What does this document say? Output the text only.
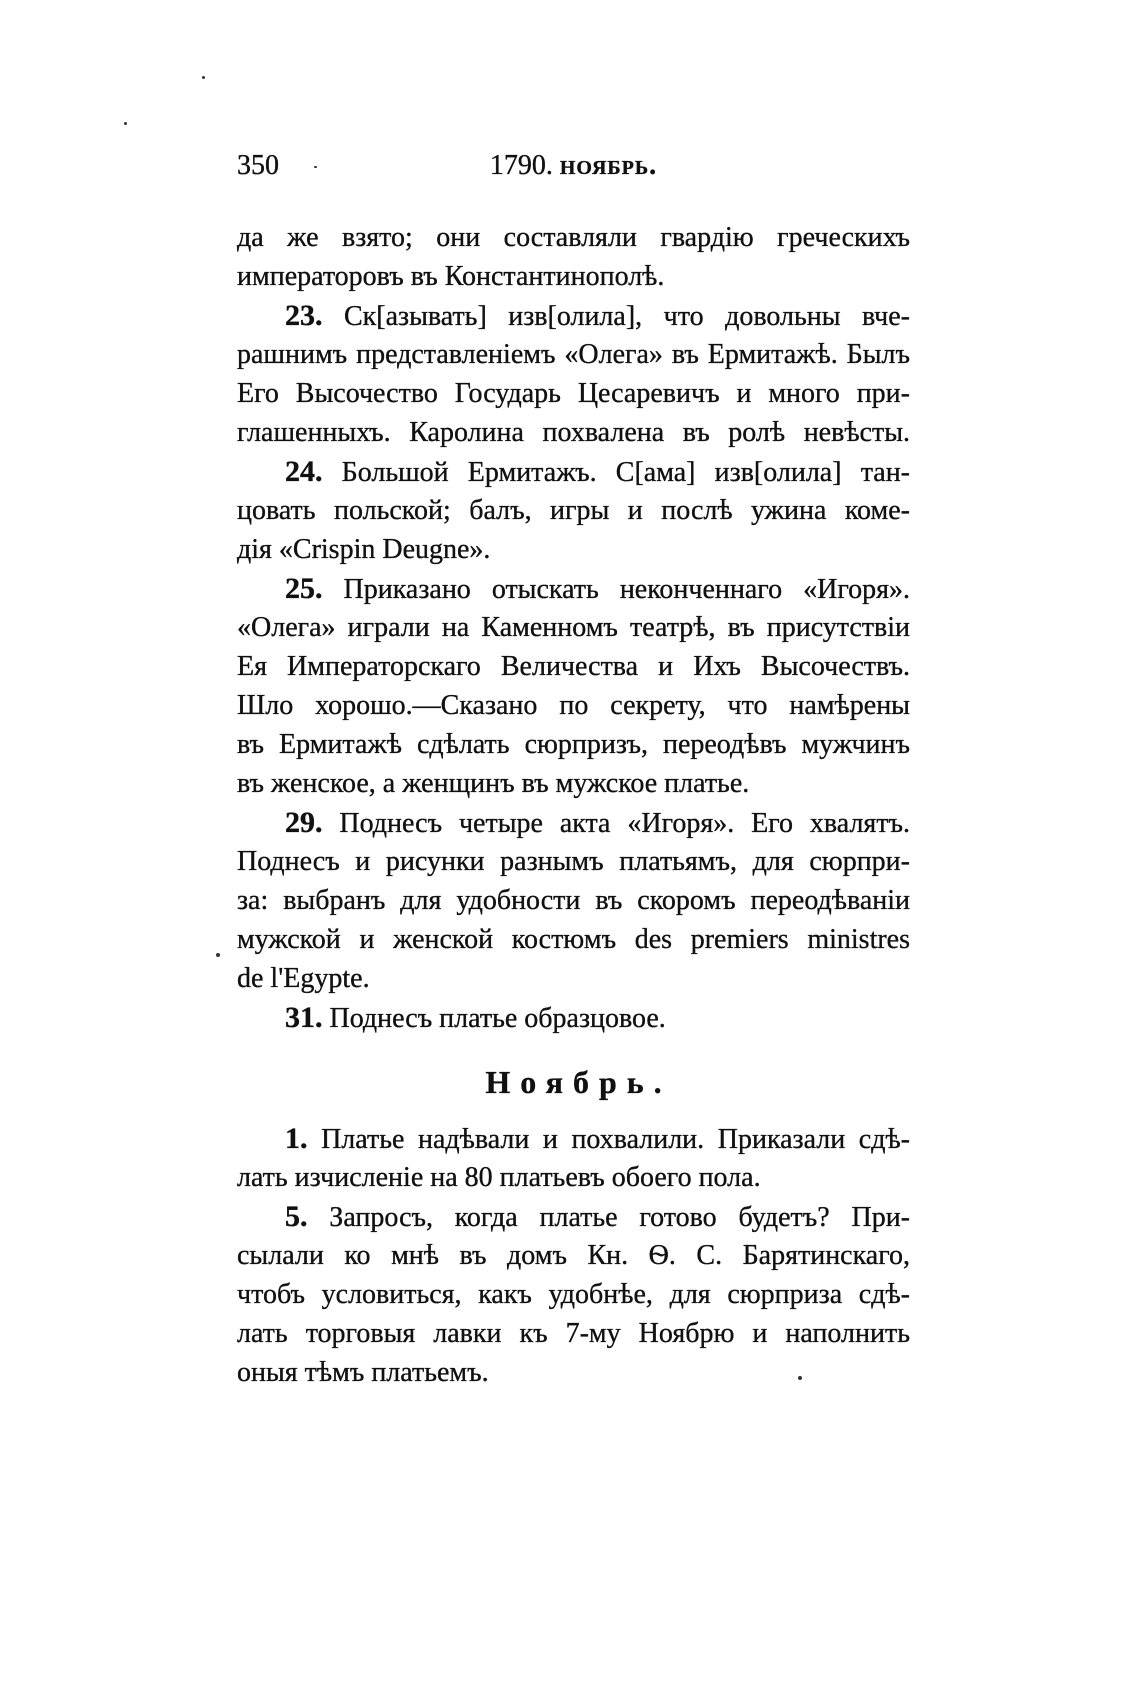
350	1790. ноябрь.
да же взято; они составляли гвардію греческихъ
императоровъ въ Константинополѣ.
23. Ск[азывать] изв[олила], что довольны вче-
рашнимъ представленіемъ «Олега» въ Ермитажѣ. Былъ
Его Высочество Государь Цесаревичъ и много при-
глашенныхъ. Каролина похвалена въ ролѣ невѣсты.
24. Большой Ермитажъ. С[ама] изв[олила] тан-
цовать польской; балъ, игры и послѣ ужина коме-
дія «Crispin Deugne».
25. Приказано отыскать неконченнаго «Игоря».
«Олега» играли на Каменномъ театрѣ, въ присутствіи
Ея Императорскаго Величества и Ихъ Высочествъ.
Шло хорошо.—Сказано по секрету, что намѣрены
въ Ермитажѣ сдѣлать сюрпризъ, переодѣвъ мужчинъ
въ женское, а женщинъ въ мужское платье.
29. Поднесъ четыре акта «Игоря». Его хвалятъ.
Поднесъ и рисунки разнымъ платьямъ, для сюрпри-
за: выбранъ для удобности въ скоромъ переодѣваніи
мужской и женской костюмъ des premiers ministres
de l'Egypte.
31. Поднесъ платье образцовое.
Ноябрь.
1. Платье надѣвали и похвалили. Приказали сдѣ-
лать изчисленіе на 80 платьевъ обоего пола.
5. Запросъ, когда платье готово будетъ? При-
сылали ко мнѣ въ домъ Кн. Ѳ. С. Барятинскаго,
чтобъ условиться, какъ удобнѣе, для сюрприза сдѣ-
лать торговыя лавки къ 7-му Ноябрю и наполнить
оныя тѣмъ платьемъ.
